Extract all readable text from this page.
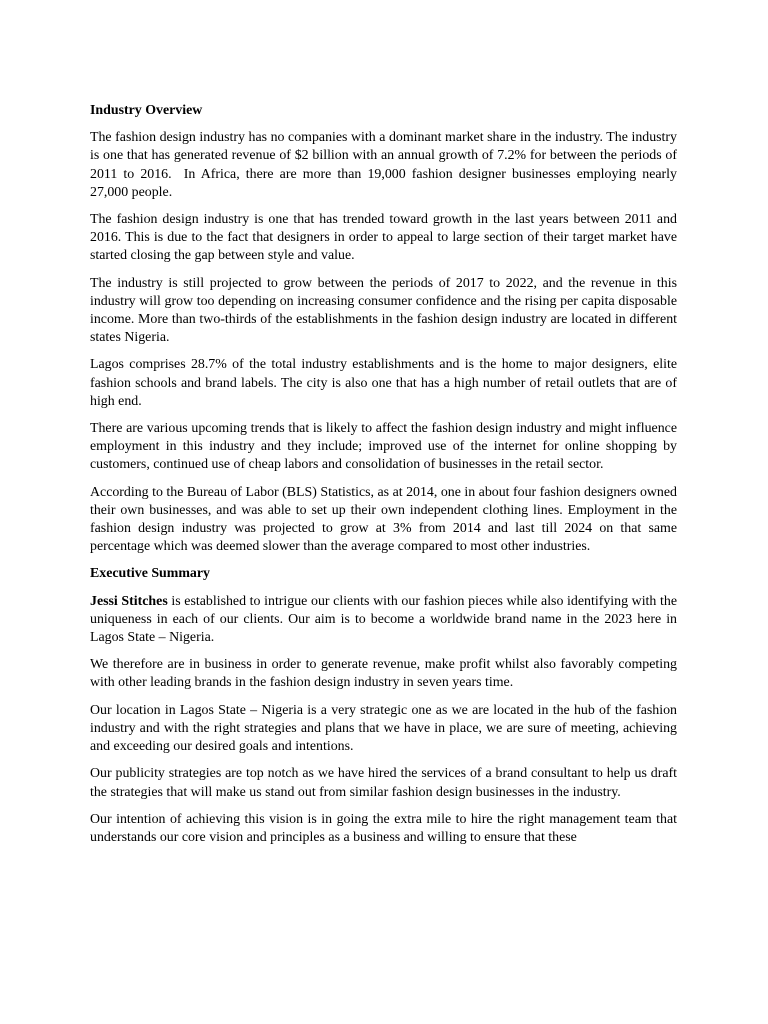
Industry Overview

The fashion design industry has no companies with a dominant market share in the industry. The industry is one that has generated revenue of $2 billion with an annual growth of 7.2% for between the periods of 2011 to 2016.  In Africa, there are more than 19,000 fashion designer businesses employing nearly 27,000 people.

The fashion design industry is one that has trended toward growth in the last years between 2011 and 2016. This is due to the fact that designers in order to appeal to large section of their target market have started closing the gap between style and value.

The industry is still projected to grow between the periods of 2017 to 2022, and the revenue in this industry will grow too depending on increasing consumer confidence and the rising per capita disposable income. More than two-thirds of the establishments in the fashion design industry are located in different states Nigeria.

Lagos comprises 28.7% of the total industry establishments and is the home to major designers, elite fashion schools and brand labels. The city is also one that has a high number of retail outlets that are of high end.

There are various upcoming trends that is likely to affect the fashion design industry and might influence employment in this industry and they include; improved use of the internet for online shopping by customers, continued use of cheap labors and consolidation of businesses in the retail sector.

According to the Bureau of Labor (BLS) Statistics, as at 2014, one in about four fashion designers owned their own businesses, and was able to set up their own independent clothing lines. Employment in the fashion design industry was projected to grow at 3% from 2014 and last till 2024 on that same percentage which was deemed slower than the average compared to most other industries.

Executive Summary

Jessi Stitches is established to intrigue our clients with our fashion pieces while also identifying with the uniqueness in each of our clients. Our aim is to become a worldwide brand name in the 2023 here in Lagos State – Nigeria.

We therefore are in business in order to generate revenue, make profit whilst also favorably competing with other leading brands in the fashion design industry in seven years time.

Our location in Lagos State – Nigeria is a very strategic one as we are located in the hub of the fashion industry and with the right strategies and plans that we have in place, we are sure of meeting, achieving and exceeding our desired goals and intentions.

Our publicity strategies are top notch as we have hired the services of a brand consultant to help us draft the strategies that will make us stand out from similar fashion design businesses in the industry.

Our intention of achieving this vision is in going the extra mile to hire the right management team that understands our core vision and principles as a business and willing to ensure that these
